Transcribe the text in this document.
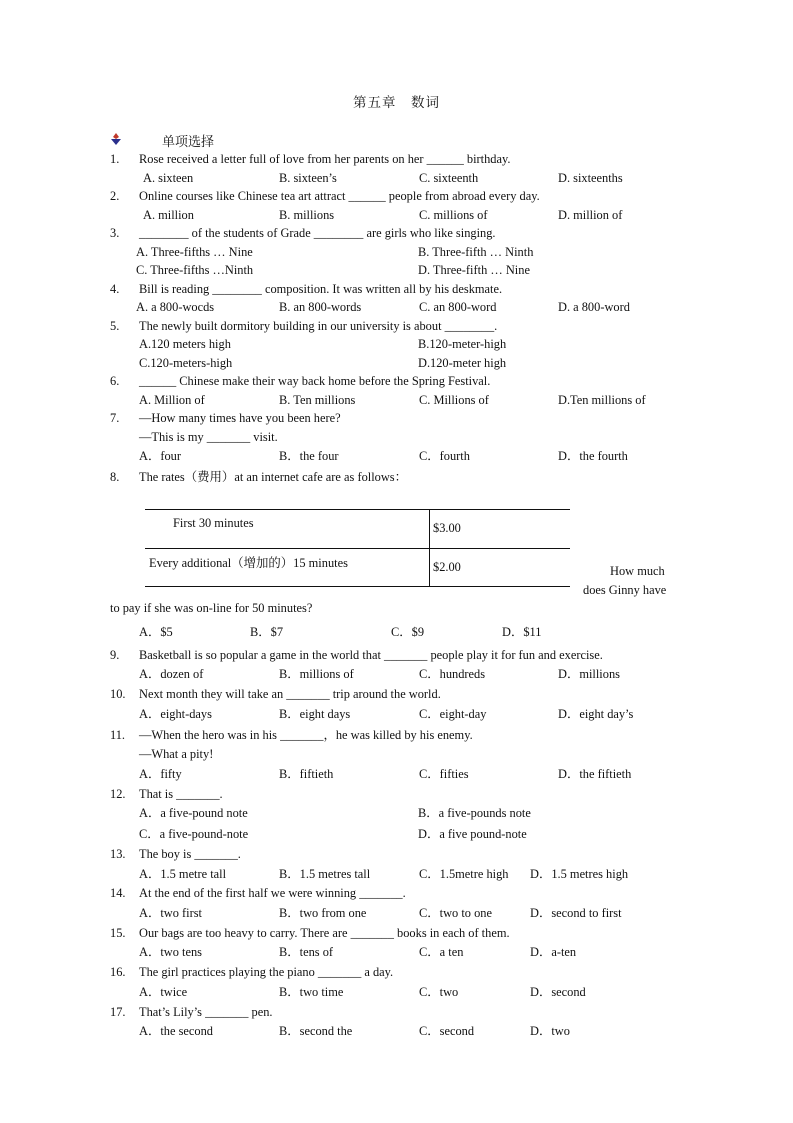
第五章　数词
单项选择
1. Rose received a letter full of love from her parents on her ______ birthday.
A. sixteen	B. sixteen’s	C. sixteenth	D. sixteenths
2. Online courses like Chinese tea art attract ______ people from abroad every day.
A. million	B. millions	C. millions of	D. million of
3. ________ of the students of Grade ________ are girls who like singing.
A. Three-fifths … Nine	B. Three-fifth … Ninth
C. Three-fifths …Ninth	D. Three-fifth … Nine
4. Bill is reading ________ composition. It was written all by his deskmate.
A. a 800-wocds	B. an 800-words	C. an 800-word	D. a 800-word
5. The newly built dormitory building in our university is about ________.
A.120 meters high	B.120-meter-high
C.120-meters-high	D.120-meter high
6. ______ Chinese make their way back home before the Spring Festival.
A. Million of	B. Ten millions	C. Millions of	D.Ten millions of
7. —How many times have you been here?
—This is my _______ visit.
A．four	B．the four	C．fourth	D．the fourth
8. The rates（费用）at an internet cafe are as follows：
First 30 minutes	$3.00
Every additional（增加的）15 minutes	$2.00	How much
does Ginny have
to pay if she was on-line for 50 minutes?
A．$5	B．$7	C．$9	D．$11
9. Basketball is so popular a game in the world that _______ people play it for fun and exercise.
A．dozen of	B．millions of	C．hundreds	D．millions
10. Next month they will take an _______ trip around the world.
A．eight-days	B．eight days	C．eight-day	D．eight day’s
11. —When the hero was in his _______，he was killed by his enemy.
—What a pity!
A．fifty	B．fiftieth	C．fifties	D．the fiftieth
12. That is _______.
A．a five-pound note	B．a five-pounds note
C．a five-pound-note	D．a five pound-note
13. The boy is _______.
A．1.5 metre tall	B．1.5 metres tall	C．1.5metre high D．1.5 metres high
14. At the end of the first half we were winning _______.
A．two first	B．two from one	C．two to one	D．second to first
15. Our bags are too heavy to carry. There are _______ books in each of them.
A．two tens	B．tens of	C．a ten	D．a-ten
16. The girl practices playing the piano _______ a day.
A．twice	B．two time	C．two	D．second
17. That’s Lily’s _______ pen.
A．the second	B．second the	C．second	D．two
